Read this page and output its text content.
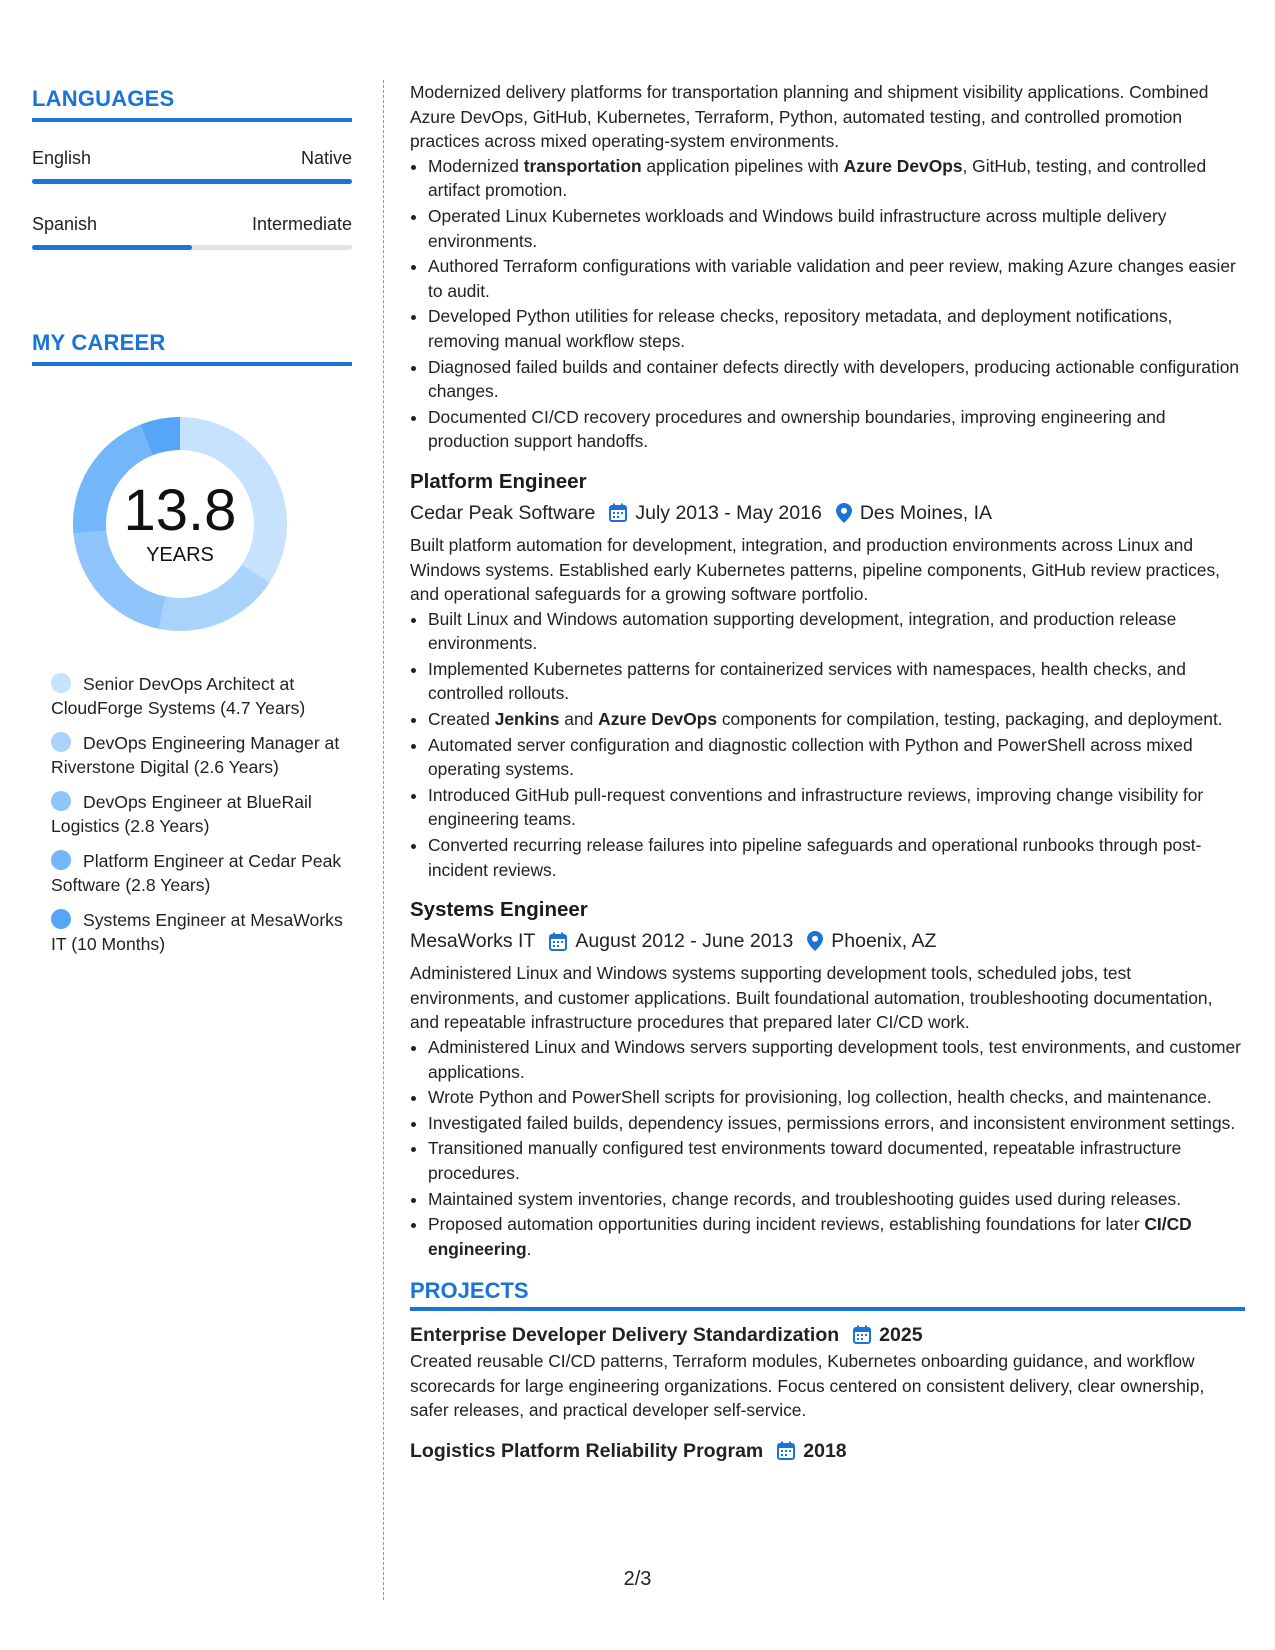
LANGUAGES
English	Native
Spanish	Intermediate
MY CAREER
13.8
YEARS
Senior DevOps Architect at CloudForge Systems (4.7 Years)
DevOps Engineering Manager at Riverstone Digital (2.6 Years)
DevOps Engineer at BlueRail Logistics (2.8 Years)
Platform Engineer at Cedar Peak Software (2.8 Years)
Systems Engineer at MesaWorks IT (10 Months)

Modernized delivery platforms for transportation planning and shipment visibility applications. Combined Azure DevOps, GitHub, Kubernetes, Terraform, Python, automated testing, and controlled promotion practices across mixed operating-system environments.

• Modernized transportation application pipelines with Azure DevOps, GitHub, testing, and controlled artifact promotion.
• Operated Linux Kubernetes workloads and Windows build infrastructure across multiple delivery environments.
• Authored Terraform configurations with variable validation and peer review, making Azure changes easier to audit.
• Developed Python utilities for release checks, repository metadata, and deployment notifications, removing manual workflow steps.
• Diagnosed failed builds and container defects directly with developers, producing actionable configuration changes.
• Documented CI/CD recovery procedures and ownership boundaries, improving engineering and production support handoffs.
Platform Engineer
Cedar Peak Software July 2013 - May 2016 Des Moines, IA

Built platform automation for development, integration, and production environments across Linux and Windows systems. Established early Kubernetes patterns, pipeline components, GitHub review practices, and operational safeguards for a growing software portfolio.

• Built Linux and Windows automation supporting development, integration, and production release environments.
• Implemented Kubernetes patterns for containerized services with namespaces, health checks, and controlled rollouts.
• Created Jenkins and Azure DevOps components for compilation, testing, packaging, and deployment.
• Automated server configuration and diagnostic collection with Python and PowerShell across mixed operating systems.
• Introduced GitHub pull-request conventions and infrastructure reviews, improving change visibility for engineering teams.
• Converted recurring release failures into pipeline safeguards and operational runbooks through post-incident reviews.
Systems Engineer
MesaWorks IT August 2012 - June 2013 Phoenix, AZ

Administered Linux and Windows systems supporting development tools, scheduled jobs, test environments, and customer applications. Built foundational automation, troubleshooting documentation, and repeatable infrastructure procedures that prepared later CI/CD work.

• Administered Linux and Windows servers supporting development tools, test environments, and customer applications.
• Wrote Python and PowerShell scripts for provisioning, log collection, health checks, and maintenance.
• Investigated failed builds, dependency issues, permissions errors, and inconsistent environment settings.
• Transitioned manually configured test environments toward documented, repeatable infrastructure procedures.
• Maintained system inventories, change records, and troubleshooting guides used during releases.
• Proposed automation opportunities during incident reviews, establishing foundations for later CI/CD engineering.
PROJECTS
Enterprise Developer Delivery Standardization 2025

Created reusable CI/CD patterns, Terraform modules, Kubernetes onboarding guidance, and workflow scorecards for large engineering organizations. Focus centered on consistent delivery, clear ownership, safer releases, and practical developer self-service.

Logistics Platform Reliability Program 2018
2/3
